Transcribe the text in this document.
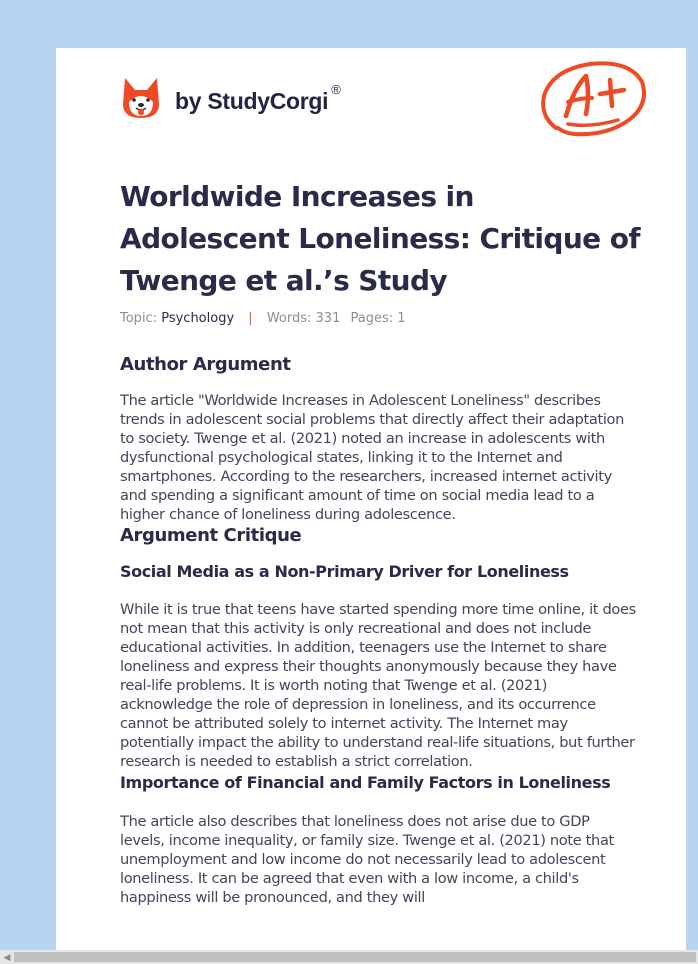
by StudyCorgi ®
Worldwide Increases in Adolescent Loneliness: Critique of Twenge et al.’s Study
Topic: Psychology | Words: 331 Pages: 1
Author Argument

The article "Worldwide Increases in Adolescent Loneliness" describes trends in adolescent social problems that directly affect their adaptation to society. Twenge et al. (2021) noted an increase in adolescents with dysfunctional psychological states, linking it to the Internet and smartphones. According to the researchers, increased internet activity and spending a significant amount of time on social media lead to a higher chance of loneliness during adolescence.

Argument Critique
Social Media as a Non-Primary Driver for Loneliness

While it is true that teens have started spending more time online, it does not mean that this activity is only recreational and does not include educational activities. In addition, teenagers use the Internet to share loneliness and express their thoughts anonymously because they have real-life problems. It is worth noting that Twenge et al. (2021) acknowledge the role of depression in loneliness, and its occurrence cannot be attributed solely to internet activity. The Internet may potentially impact the ability to understand real-life situations, but further research is needed to establish a strict correlation.

Importance of Financial and Family Factors in Loneliness

The article also describes that loneliness does not arise due to GDP levels, income inequality, or family size. Twenge et al. (2021) note that unemployment and low income do not necessarily lead to adolescent loneliness. It can be agreed that even with a low income, a child's happiness will be pronounced, and they will

◀
